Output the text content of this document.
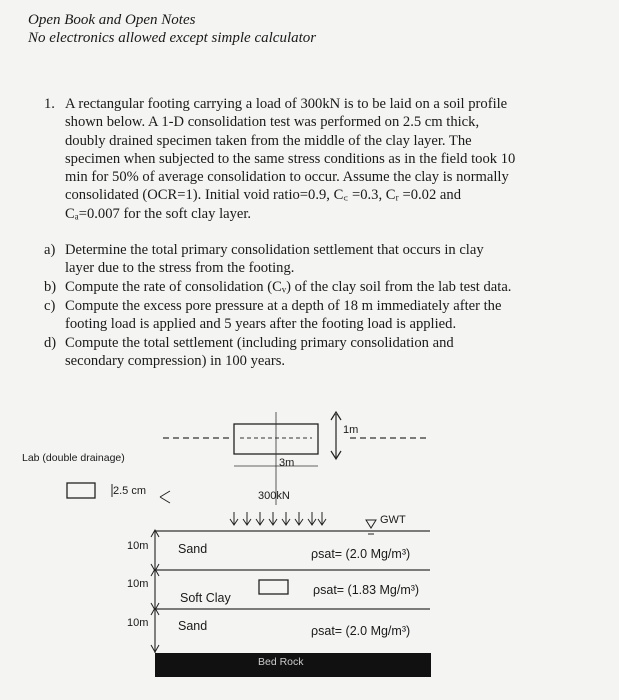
Open Book and Open Notes
No electronics allowed except simple calculator
1. A rectangular footing carrying a load of 300kN is to be laid on a soil profile
shown below. A 1-D consolidation test was performed on 2.5 cm thick,
doubly drained specimen taken from the middle of the clay layer. The
specimen when subjected to the same stress conditions as in the field took 10
min for 50% of average consolidation to occur. Assume the clay is normally
consolidated (OCR=1). Initial void ratio=0.9, C꜀ =0.3, Cᵣ =0.02 and
Cₐ=0.007 for the soft clay layer.
a) Determine the total primary consolidation settlement that occurs in clay
layer due to the stress from the footing.
b) Compute the rate of consolidation (Cᵥ) of the clay soil from the lab test data.
c) Compute the excess pore pressure at a depth of 18 m immediately after the
footing load is applied and 5 years after the footing load is applied.
d) Compute the total settlement (including primary consolidation and
secondary compression) in 100 years.
Lab (double drainage)
2.5 cm
1m
3m
300kN
GWT
10m Sand	ρsat= (2.0 Mg/m³)
10m
Soft Clay
ρsat= (1.83 Mg/m³)
10m Sand	ρsat= (2.0 Mg/m³)
Bed Rock
